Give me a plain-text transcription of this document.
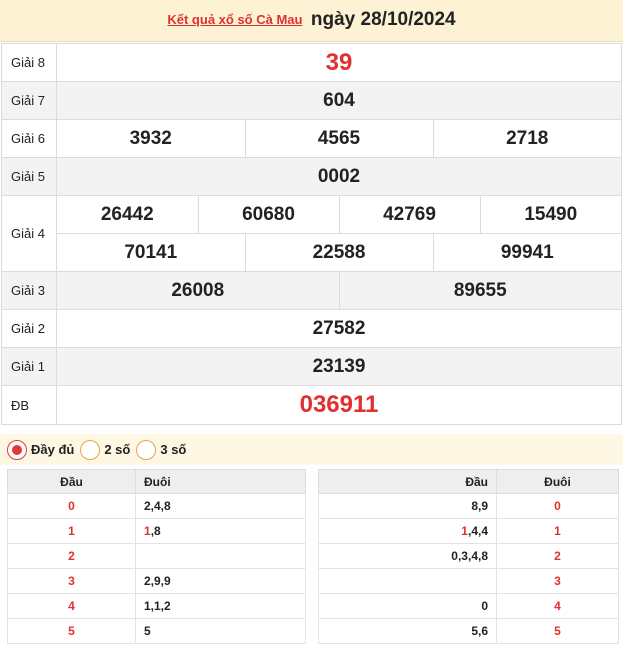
Kết quả xổ số Cà Mau ngày 28/10/2024
Giải 8	39
Giải 7	604
Giải 6		3932	4565	2718

Giải 5	0002
Giải 4	
26442	60680	42769	15490

70141	22588	99941

Giải 3		26008	89655

Giải 2	27582
Giải 1	23139
ĐB	036911
Đầy đủ 2 số 3 số
Đầu	Đuôi
0	2,4,8
1	1,8
2	
3	2,9,9
4	1,1,2
5	5
Đầu	Đuôi
8,9	0
1,4,4	1
0,3,4,8	2
	3
0	4
5,6	5
